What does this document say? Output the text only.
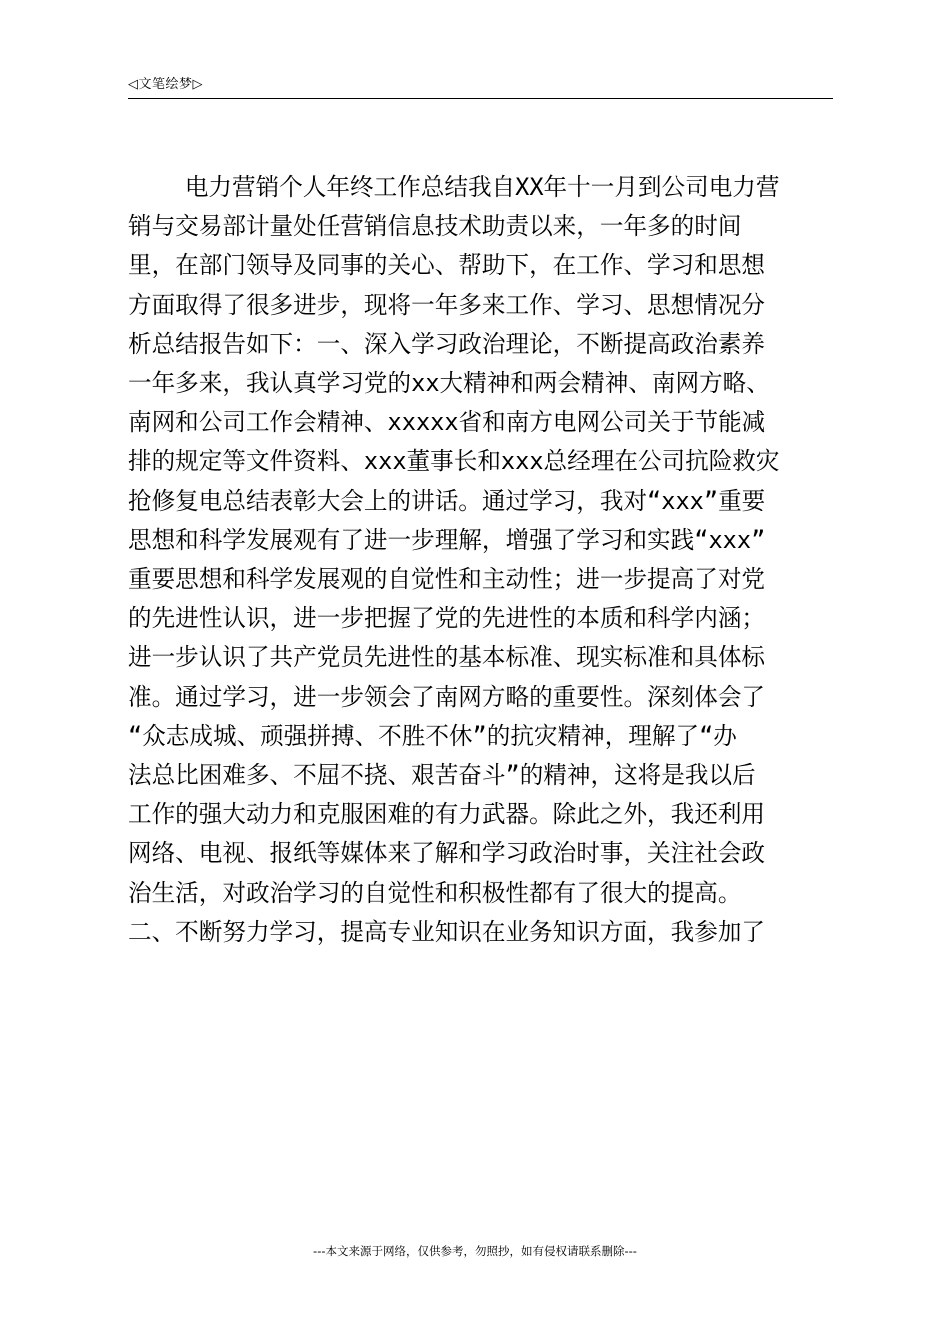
◁文笔绘梦▷
电力营销个人年终工作总结我自XX年十一月到公司电力营
销与交易部计量处任营销信息技术助责以来，一年多的时间
里，在部门领导及同事的关心、帮助下，在工作、学习和思想
方面取得了很多进步，现将一年多来工作、学习、思想情况分
析总结报告如下：一、深入学习政治理论，不断提高政治素养
一年多来，我认真学习党的xx大精神和两会精神、南网方略、
南网和公司工作会精神、xxxxx省和南方电网公司关于节能减
排的规定等文件资料、xxx董事长和xxx总经理在公司抗险救灾
抢修复电总结表彰大会上的讲话。通过学习，我对“xxx”重要
思想和科学发展观有了进一步理解，增强了学习和实践“xxx”
重要思想和科学发展观的自觉性和主动性；进一步提高了对党
的先进性认识，进一步把握了党的先进性的本质和科学内涵；
进一步认识了共产党员先进性的基本标准、现实标准和具体标
准。通过学习，进一步领会了南网方略的重要性。深刻体会了
“众志成城、顽强拼搏、不胜不休”的抗灾精神，理解了“办
法总比困难多、不屈不挠、艰苦奋斗”的精神，这将是我以后
工作的强大动力和克服困难的有力武器。除此之外，我还利用
网络、电视、报纸等媒体来了解和学习政治时事，关注社会政
治生活，对政治学习的自觉性和积极性都有了很大的提高。
二、不断努力学习，提高专业知识在业务知识方面，我参加了
---本文来源于网络，仅供参考，勿照抄，如有侵权请联系删除---
